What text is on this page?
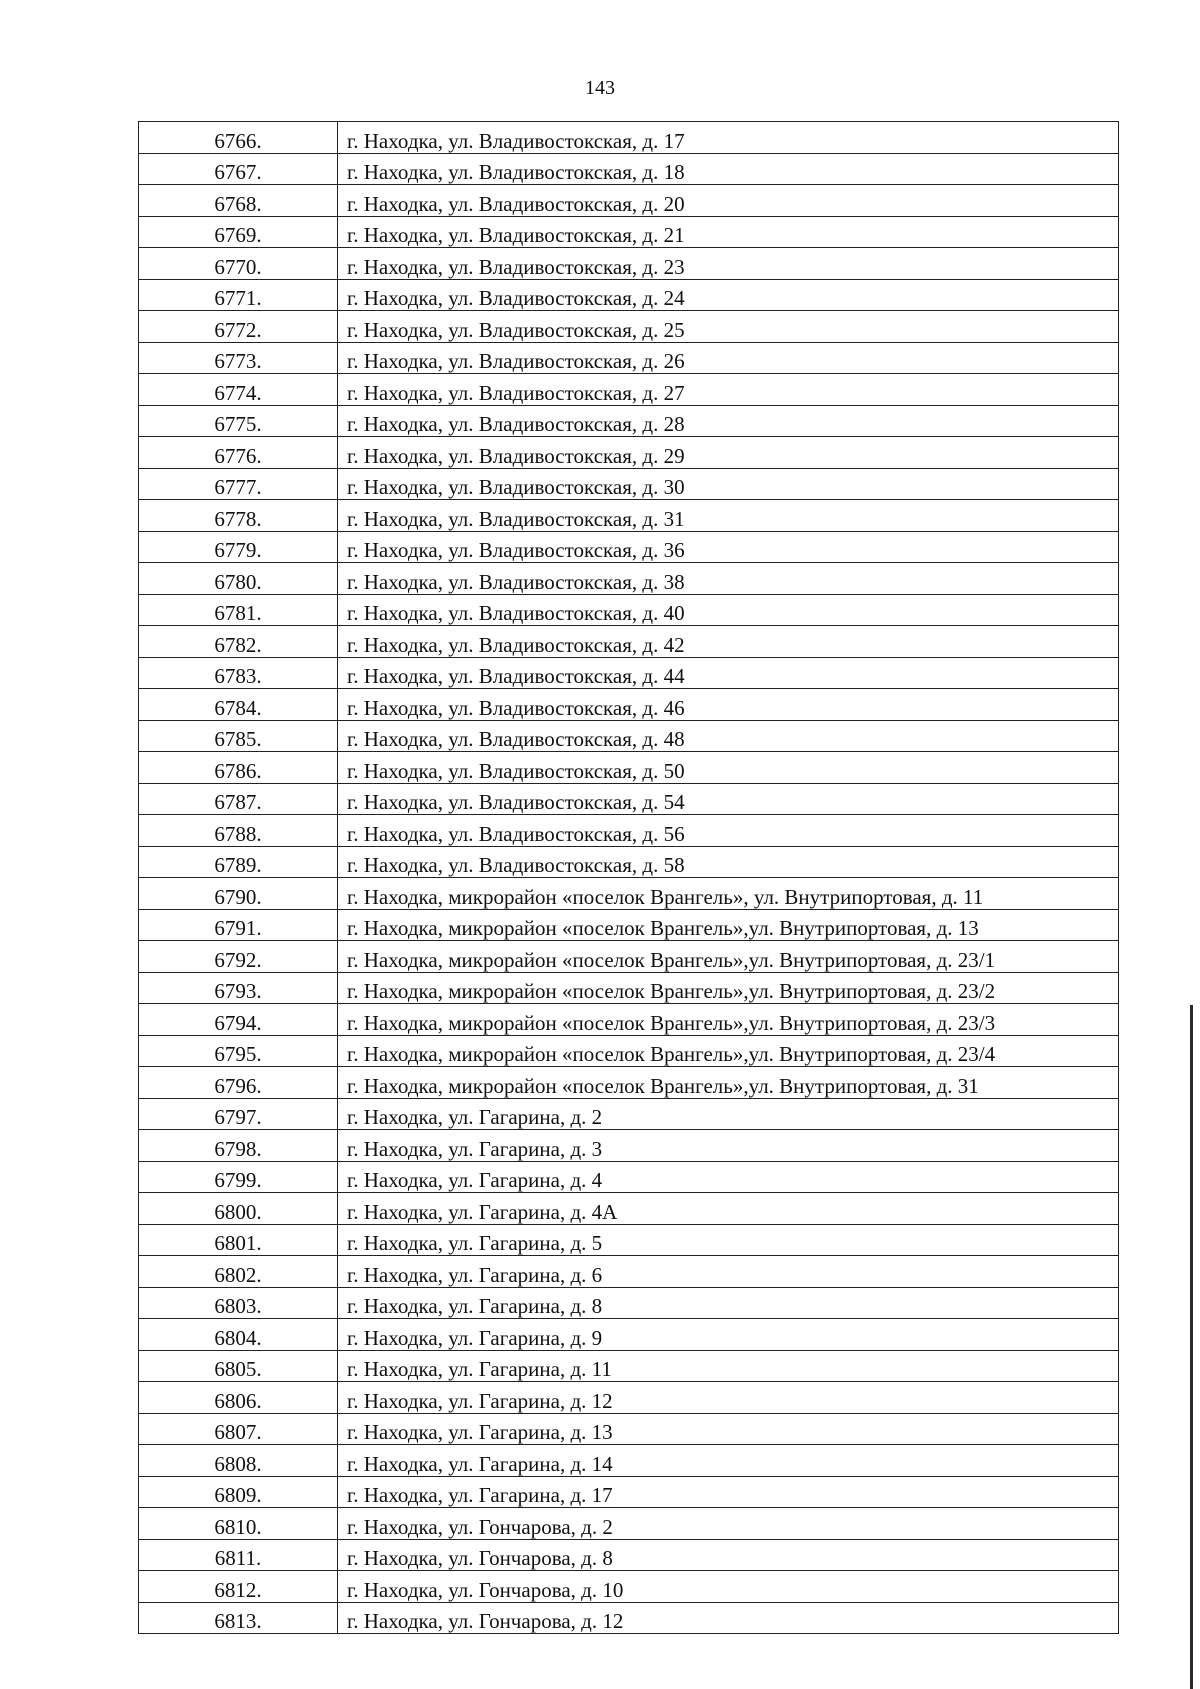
143
6766.	г. Находка, ул. Владивостокская, д. 17
6767.	г. Находка, ул. Владивостокская, д. 18
6768.	г. Находка, ул. Владивостокская, д. 20
6769.	г. Находка, ул. Владивостокская, д. 21
6770.	г. Находка, ул. Владивостокская, д. 23
6771.	г. Находка, ул. Владивостокская, д. 24
6772.	г. Находка, ул. Владивостокская, д. 25
6773.	г. Находка, ул. Владивостокская, д. 26
6774.	г. Находка, ул. Владивостокская, д. 27
6775.	г. Находка, ул. Владивостокская, д. 28
6776.	г. Находка, ул. Владивостокская, д. 29
6777.	г. Находка, ул. Владивостокская, д. 30
6778.	г. Находка, ул. Владивостокская, д. 31
6779.	г. Находка, ул. Владивостокская, д. 36
6780.	г. Находка, ул. Владивостокская, д. 38
6781.	г. Находка, ул. Владивостокская, д. 40
6782.	г. Находка, ул. Владивостокская, д. 42
6783.	г. Находка, ул. Владивостокская, д. 44
6784.	г. Находка, ул. Владивостокская, д. 46
6785.	г. Находка, ул. Владивостокская, д. 48
6786.	г. Находка, ул. Владивостокская, д. 50
6787.	г. Находка, ул. Владивостокская, д. 54
6788.	г. Находка, ул. Владивостокская, д. 56
6789.	г. Находка, ул. Владивостокская, д. 58
6790.	г. Находка, микрорайон «поселок Врангель», ул. Внутрипортовая, д. 11
6791.	г. Находка, микрорайон «поселок Врангель»,ул. Внутрипортовая, д. 13
6792.	г. Находка, микрорайон «поселок Врангель»,ул. Внутрипортовая, д. 23/1
6793.	г. Находка, микрорайон «поселок Врангель»,ул. Внутрипортовая, д. 23/2
6794.	г. Находка, микрорайон «поселок Врангель»,ул. Внутрипортовая, д. 23/3
6795.	г. Находка, микрорайон «поселок Врангель»,ул. Внутрипортовая, д. 23/4
6796.	г. Находка, микрорайон «поселок Врангель»,ул. Внутрипортовая, д. 31
6797.	г. Находка, ул. Гагарина, д. 2
6798.	г. Находка, ул. Гагарина, д. 3
6799.	г. Находка, ул. Гагарина, д. 4
6800.	г. Находка, ул. Гагарина, д. 4А
6801.	г. Находка, ул. Гагарина, д. 5
6802.	г. Находка, ул. Гагарина, д. 6
6803.	г. Находка, ул. Гагарина, д. 8
6804.	г. Находка, ул. Гагарина, д. 9
6805.	г. Находка, ул. Гагарина, д. 11
6806.	г. Находка, ул. Гагарина, д. 12
6807.	г. Находка, ул. Гагарина, д. 13
6808.	г. Находка, ул. Гагарина, д. 14
6809.	г. Находка, ул. Гагарина, д. 17
6810.	г. Находка, ул. Гончарова, д. 2
6811.	г. Находка, ул. Гончарова, д. 8
6812.	г. Находка, ул. Гончарова, д. 10
6813.	г. Находка, ул. Гончарова, д. 12
